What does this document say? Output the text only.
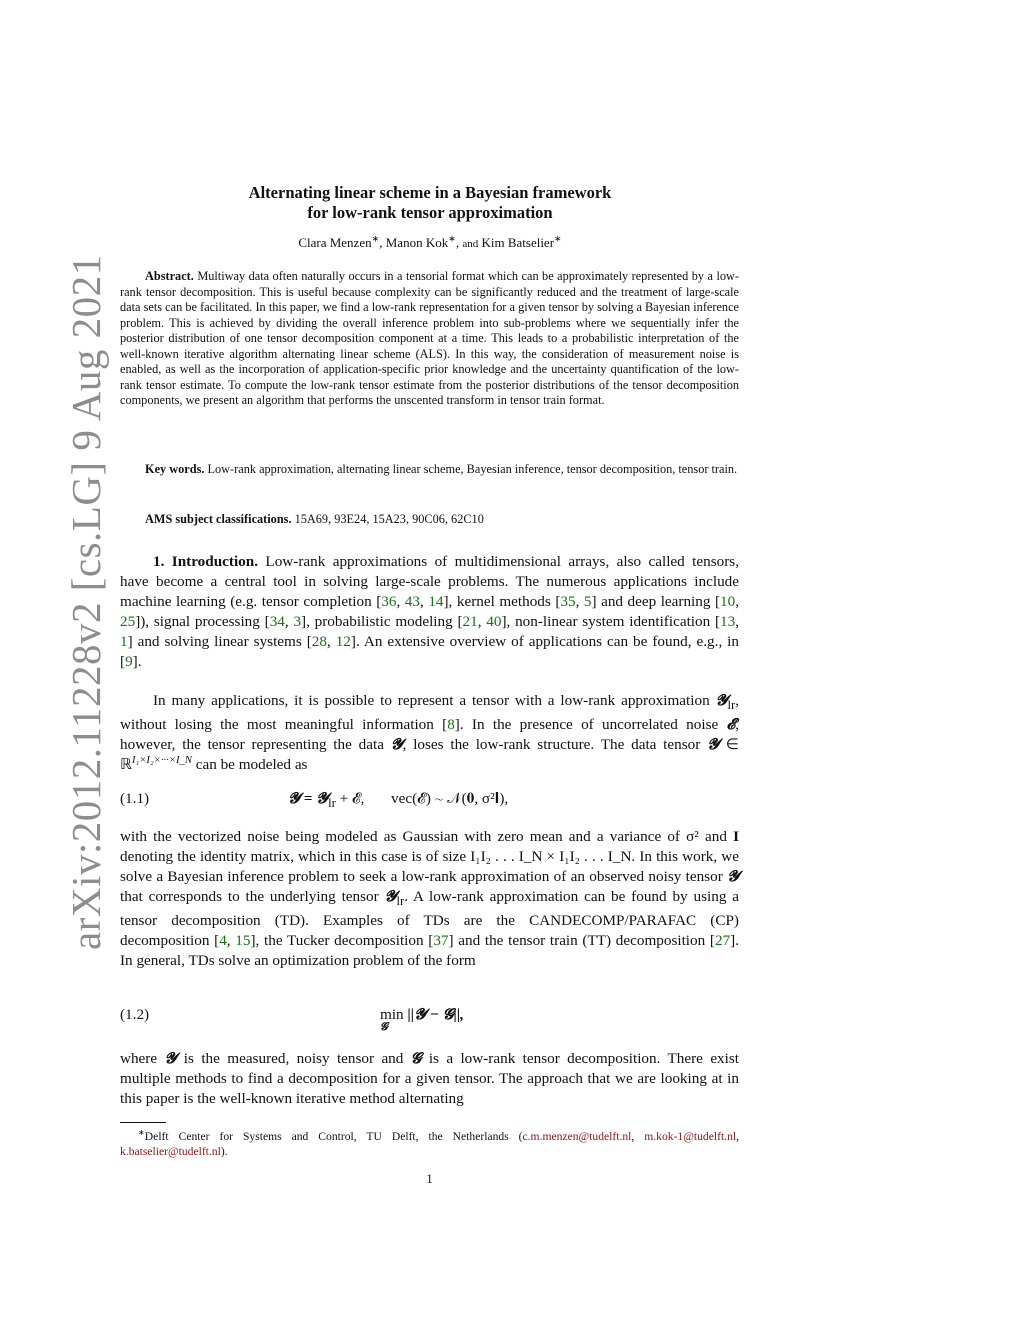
arXiv:2012.11228v2 [cs.LG] 9 Aug 2021
Alternating linear scheme in a Bayesian framework
for low-rank tensor approximation
Clara Menzen∗, Manon Kok∗, and Kim Batselier∗
Abstract. Multiway data often naturally occurs in a tensorial format which can be approximately represented by a low-rank tensor decomposition. This is useful because complexity can be significantly reduced and the treatment of large-scale data sets can be facilitated. In this paper, we find a low-rank representation for a given tensor by solving a Bayesian inference problem. This is achieved by dividing the overall inference problem into sub-problems where we sequentially infer the posterior distribution of one tensor decomposition component at a time. This leads to a probabilistic interpretation of the well-known iterative algorithm alternating linear scheme (ALS). In this way, the consideration of measurement noise is enabled, as well as the incorporation of application-specific prior knowledge and the uncertainty quantification of the low-rank tensor estimate. To compute the low-rank tensor estimate from the posterior distributions of the tensor decomposition components, we present an algorithm that performs the unscented transform in tensor train format.
Key words. Low-rank approximation, alternating linear scheme, Bayesian inference, tensor decomposition, tensor train.
AMS subject classifications. 15A69, 93E24, 15A23, 90C06, 62C10
1. Introduction. Low-rank approximations of multidimensional arrays, also called tensors, have become a central tool in solving large-scale problems. The numerous applications include machine learning (e.g. tensor completion [36, 43, 14], kernel methods [35, 5] and deep learning [10, 25]), signal processing [34, 3], probabilistic modeling [21, 40], non-linear system identification [13, 1] and solving linear systems [28, 12]. An extensive overview of applications can be found, e.g., in [9].
In many applications, it is possible to represent a tensor with a low-rank approximation 𝓨$_{lr}$, without losing the most meaningful information [8]. In the presence of uncorrelated noise 𝓔, however, the tensor representing the data 𝓨, loses the low-rank structure. The data tensor 𝓨 ∈ ℝ$^{I_1\times I_2\times\cdot\cdot\cdot\times I\_N}$ can be modeled as
(1.1)	𝓨 = 𝓨$_{lr}$ + 𝓔, vec(𝓔) ∼ 𝒩(𝟎, σ²𝐈),
with the vectorized noise being modeled as Gaussian with zero mean and a variance of σ² and I denoting the identity matrix, which in this case is of size I₁I₂ . . . I_N × I₁I₂ . . . I_N. In this work, we solve a Bayesian inference problem to seek a low-rank approximation of an observed noisy tensor 𝓨 that corresponds to the underlying tensor 𝓨$_{lr}$. A low-rank approximation can be found by using a tensor decomposition (TD). Examples of TDs are the CANDECOMP/PARAFAC (CP) decomposition [4, 15], the Tucker decomposition [37] and the tensor train (TT) decomposition [27]. In general, TDs solve an optimization problem of the form
(1.2)	min
𝓖
||𝓨 − 𝓖||,
where 𝓨 is the measured, noisy tensor and 𝓖 is a low-rank tensor decomposition. There exist multiple methods to find a decomposition for a given tensor. The approach that we are looking at in this paper is the well-known iterative method alternating
∗Delft Center for Systems and Control, TU Delft, the Netherlands (c.m.menzen@tudelft.nl, m.kok-1@tudelft.nl, k.batselier@tudelft.nl).
1
